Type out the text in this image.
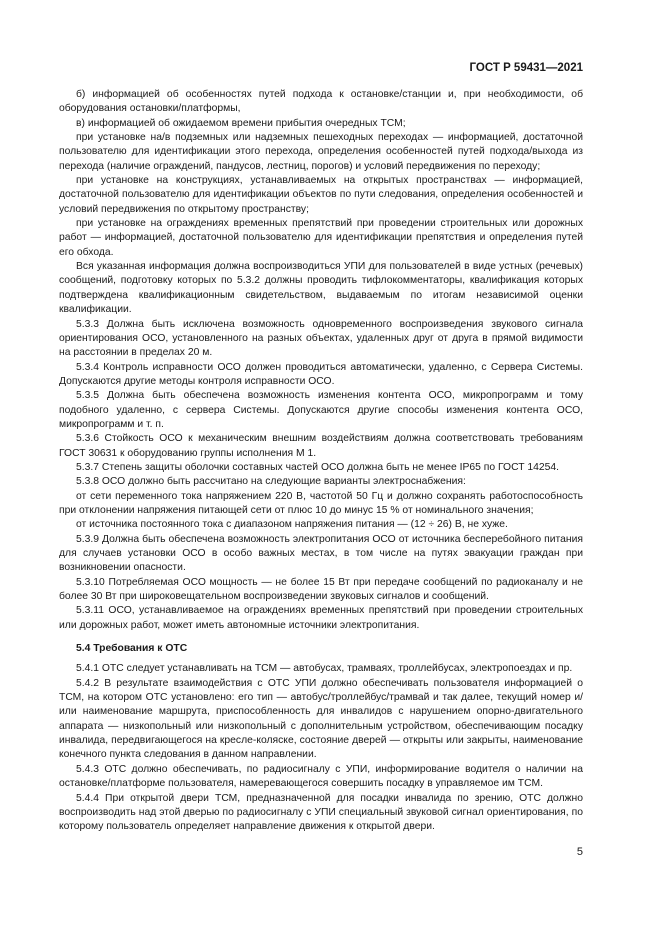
ГОСТ Р 59431—2021

б) информацией об особенностях путей подхода к остановке/станции и, при необходимости, об оборудования остановки/платформы,

в) информацией об ожидаемом времени прибытия очередных ТСМ;

при установке на/в подземных или надземных пешеходных переходах — информацией, достаточной пользователю для идентификации этого перехода, определения особенностей путей подхода/выхода из перехода (наличие ограждений, пандусов, лестниц, порогов) и условий передвижения по переходу;

при установке на конструкциях, устанавливаемых на открытых пространствах — информацией, достаточной пользователю для идентификации объектов по пути следования, определения особенностей и условий передвижения по открытому пространству;

при установке на ограждениях временных препятствий при проведении строительных или дорожных работ — информацией, достаточной пользователю для идентификации препятствия и определения путей его обхода.

Вся указанная информация должна воспроизводиться УПИ для пользователей в виде устных (речевых) сообщений, подготовку которых по 5.3.2 должны проводить тифлокомментаторы, квалификация которых подтверждена квалификационным свидетельством, выдаваемым по итогам независимой оценки квалификации.

5.3.3 Должна быть исключена возможность одновременного воспроизведения звукового сигнала ориентирования ОСО, установленного на разных объектах, удаленных друг от друга в прямой видимости на расстоянии в пределах 20 м.

5.3.4 Контроль исправности ОСО должен проводиться автоматически, удаленно, с Сервера Системы. Допускаются другие методы контроля исправности ОСО.

5.3.5 Должна быть обеспечена возможность изменения контента ОСО, микропрограмм и тому подобного удаленно, с сервера Системы. Допускаются другие способы изменения контента ОСО, микропрограмм и т. п.

5.3.6 Стойкость ОСО к механическим внешним воздействиям должна соответствовать требованиям ГОСТ 30631 к оборудованию группы исполнения М 1.

5.3.7 Степень защиты оболочки составных частей ОСО должна быть не менее IP65 по ГОСТ 14254.

5.3.8 ОСО должно быть рассчитано на следующие варианты электроснабжения:

от сети переменного тока напряжением 220 В, частотой 50 Гц и должно сохранять работоспособность при отклонении напряжения питающей сети от плюс 10 до минус 15 % от номинального значения;

от источника постоянного тока с диапазоном напряжения питания — (12 ÷ 26) В, не хуже.

5.3.9 Должна быть обеспечена возможность электропитания ОСО от источника бесперебойного питания для случаев установки ОСО в особо важных местах, в том числе на путях эвакуации граждан при возникновении опасности.

5.3.10 Потребляемая ОСО мощность — не более 15 Вт при передаче сообщений по радиоканалу и не более 30 Вт при широковещательном воспроизведении звуковых сигналов и сообщений.

5.3.11 ОСО, устанавливаемое на ограждениях временных препятствий при проведении строительных или дорожных работ, может иметь автономные источники электропитания.

5.4 Требования к ОТС

5.4.1 ОТС следует устанавливать на ТСМ — автобусах, трамваях, троллейбусах, электропоездах и пр.

5.4.2 В результате взаимодействия с ОТС УПИ должно обеспечивать пользователя информацией о ТСМ, на котором ОТС установлено: его тип — автобус/троллейбус/трамвай и так далее, текущий номер и/или наименование маршрута, приспособленность для инвалидов с нарушением опорно-двигательного аппарата — низкопольный или низкопольный с дополнительным устройством, обеспечивающим посадку инвалида, передвигающегося на кресле-коляске, состояние дверей — открыты или закрыты, наименование конечного пункта следования в данном направлении.

5.4.3 ОТС должно обеспечивать, по радиосигналу с УПИ, информирование водителя о наличии на остановке/платформе пользователя, намеревающегося совершить посадку в управляемое им ТСМ.

5.4.4 При открытой двери ТСМ, предназначенной для посадки инвалида по зрению, ОТС должно воспроизводить над этой дверью по радиосигналу с УПИ специальный звуковой сигнал ориентирования, по которому пользователь определяет направление движения к открытой двери.

5
